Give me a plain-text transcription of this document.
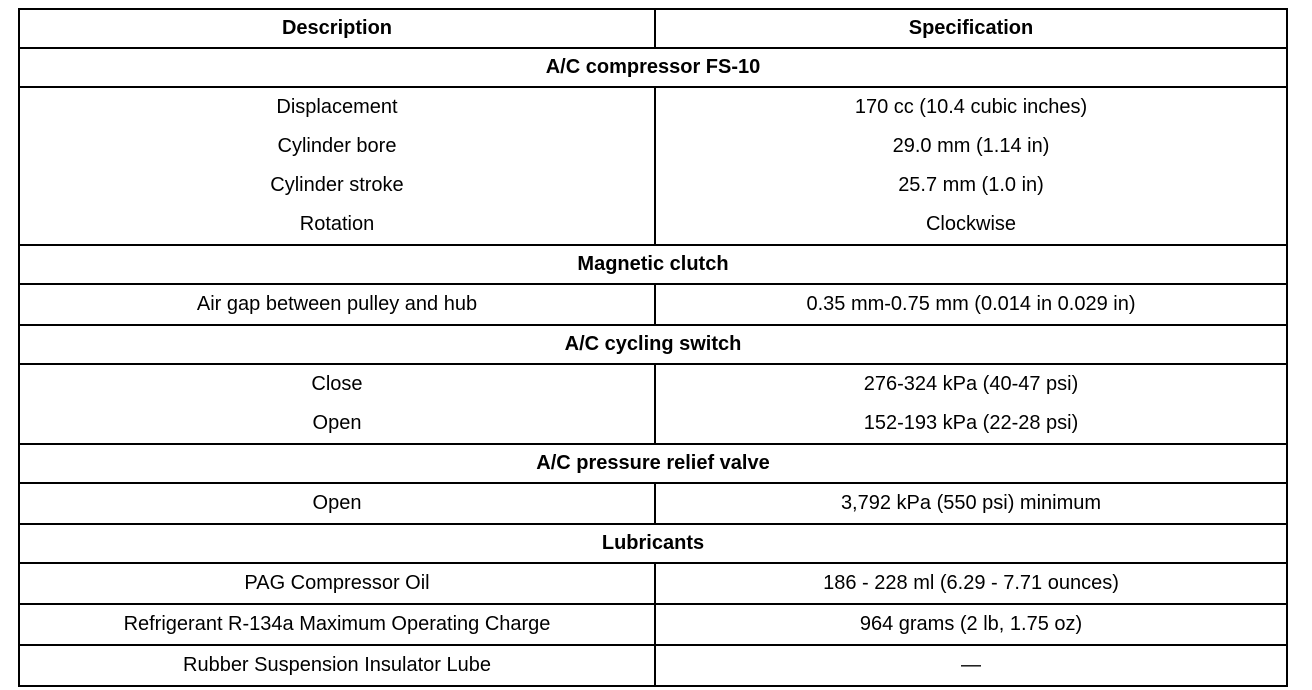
Description	Specification
A/C compressor FS-10	
Displacement	170 cc (10.4 cubic inches)
Cylinder bore	29.0 mm (1.14 in)
Cylinder stroke	25.7 mm (1.0 in)
Rotation	Clockwise
Magnetic clutch	
Air gap between pulley and hub	0.35 mm-0.75 mm (0.014 in 0.029 in)
A/C cycling switch	
Close	276-324 kPa (40-47 psi)
Open	152-193 kPa (22-28 psi)
A/C pressure relief valve	
Open	3,792 kPa (550 psi) minimum
Lubricants	
PAG Compressor Oil	186 - 228 ml (6.29 - 7.71 ounces)
Refrigerant R-134a Maximum Operating Charge	964 grams (2 lb, 1.75 oz)
Rubber Suspension Insulator Lube	—
